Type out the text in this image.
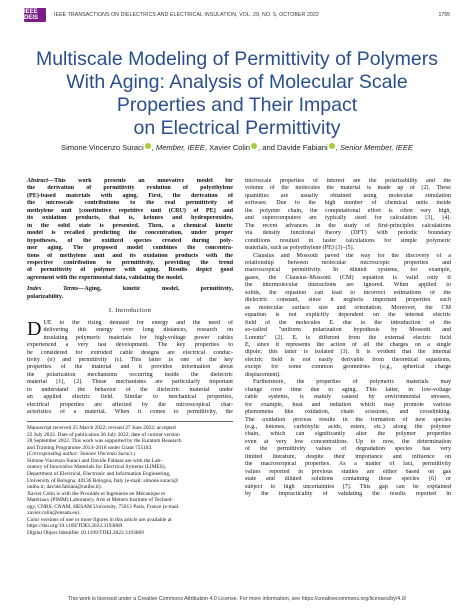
IEEE DEIS	IEEE TRANSACTIONS ON DIELECTRICS AND ELECTRICAL INSULATION, VOL. 29, NO. 5, OCTOBER 2022	1795
Multiscale Modeling of Permittivity of Polymers
With Aging: Analysis of Molecular Scale
Properties and Their Impact
on Electrical Permittivity
Simone Vincenzo Suraci , Member, IEEE, Xavier Colin , and Davide Fabiani , Senior Member, IEEE
Abstract—This work presents an innovative model for
the derivation of permittivity evolution of polyethylene
(PE)-based materials with aging. First, the derivation of
the microscale contributions to the real permittivity of
methylene unit [constitutive repetitive unit (CRU) of PE] and
its oxidation products, that is, ketones and hydroperoxides,
in the solid state is presented. Then, a chemical kinetic
model is recalled predicting the concentration, under proper
hypotheses, of the oxidized species created during poly-
mer aging. The proposed model combines the concentra-
tions of methylene unit and its oxidation products with the
respective contribution to permittivity, providing the trend
of permittivity of polymer with aging. Results depict good
agreement with the experimental data, validating the model.
Index Terms—Aging, kinetic model, permittivity,
polarizability.
I. Introduction
D UE to the rising demand for energy and the need of
delivering this energy over long distances, research on
insulating polymeric materials for high-voltage power cables
experienced a very fast development. The key properties to
be considered for extruded cable designs are electrical conduc-
tivity (σ) and permittivity (ε). This latter is one of the key
properties of the material and it provides information about
the polarization mechanisms occurring inside the dielectric
material [1], [2]. These mechanisms are particularly important
to understand the behavior of the dielectric material under
an applied electric field. Similar to mechanical properties,
electrical properties are affected by the microscopical char-
acteristics of a material. When it comes to permittivity, the
Manuscript received 25 March 2022; revised 27 June 2022; accepted
22 July 2022. Date of publication 26 July 2022; date of current version
28 September 2022. This work was supported by the Euratom Research
and Training Programme 2014–2018 under Grant 755183.
(Corresponding author: Simone Vincenzo Suraci.)
Simone Vincenzo Suraci and Davide Fabiani are with the Lab-
oratory of Innovative Materials for Electrical Systems (LIMES),
Department of Electrical, Electronic and Information Engineering,
University of Bologna, 40136 Bologna, Italy (e-mail: simone.suraci@
unibo.it; davide.fabiani@unibo.it).
Xavier Colin is with the Procédés et Ingénierie en Mécanique et
Matériaux (PIMM) Laboratory, Arts et Métiers Institute of Technol-
ogy, CNRS, CNAM, HESAM University, 75013 Paris, France (e-mail:
xavier.colin@ensam.eu).
Color versions of one or more figures in this article are available at
https://doi.org/10.1109/TDEI.2022.3193869.
Digital Object Identifier 10.1109/TDEI.2022.3193869
microscale properties of interest are the polarizability and the
volume of the molecules the material is made up of [2]. These
quantities are usually obtained using molecular simulation
software. Due to the high number of chemical units inside
the polymer chain, the computational effort is often very high,
and supercomputers are typically used for calculation [3], [4].
The recent advances in the study of first-principles calculations
via density functional theory (DFT) with periodic boundary
conditions resulted in faster calculations for simple polymeric
materials, such as polyethylene (PE) [3]–[5].
Clausius and Mossotti paved the way for the discovery of a
relationship between molecular microscopic properties and
macroscopical permittivity. In diluted systems, for example,
gases, the Clausius–Mossotti (CM) equation is valid only if
the intermolecular interactions are ignored. When applied to
solids, the equation can lead to incorrect estimations of the
dielectric constant, since it neglects important properties such
as molecular surface size and orientation. Moreover, the CM
equation is not explicitly dependent on the internal electric
field of the molecules Eᵢ due to the introduction of the
so-called "uniform polarization hypothesis by Mossotti and
Lorentz" [2]. Eᵢ is different from the external electric field
E, since it represents the action of all the charges on a single
dipole; this latter is isolated [3]. It is evident that the internal
electric field is not easily derivable from theoretical equations,
except for some common geometries (e.g., spherical charge
displacement).
Furthermore, the properties of polymeric materials may
change over time due to aging. This latter, in low-voltage
cable systems, is mainly caused by environmental stresses,
for example, heat and radiation which may promote various
phenomena like oxidation, chain scissions, and crosslinking.
The oxidation process results in the formation of new species
(e.g., ketones, carboxylic acids, esters, etc.) along the polymer
chain, which can significantly alter the polymer properties
even at very low concentrations. Up to now, the determination
of the permittivity values of degradation species has very
limited literature, despite their importance and influence on
the macroscopical properties. As a matter of fact, permittivity
values reported in previous studies are either based on gas
state and diluted solutions containing those species [6] or
subject to high uncertainties [7]. This gap can be explained
by the impracticality of validating the results reported in
This work is licensed under a Creative Commons Attribution 4.0 License. For more information, see https://creativecommons.org/licenses/by/4.0/
